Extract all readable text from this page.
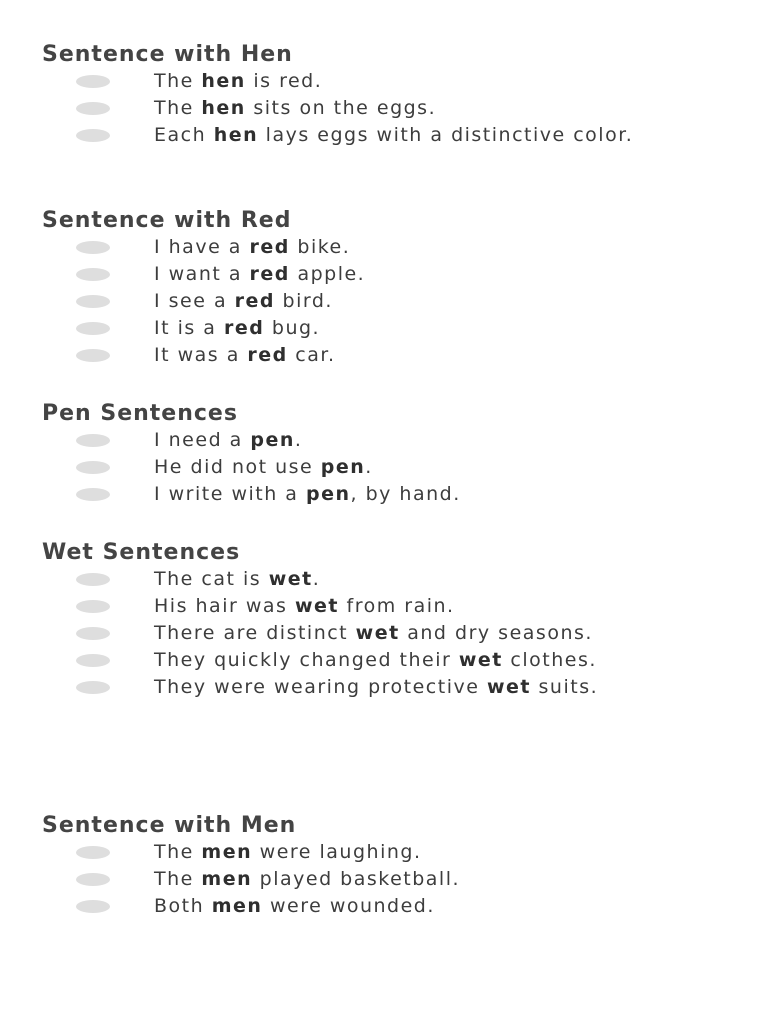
Sentence with Hen
The hen is red.
The hen sits on the eggs.
Each hen lays eggs with a distinctive color.
Sentence with Red
I have a red bike.
I want a red apple.
I see a red bird.
It is a red bug.
It was a red car.
Pen Sentences
I need a pen.
He did not use pen.
I write with a pen, by hand.
Wet Sentences
The cat is wet.
His hair was wet from rain.
There are distinct wet and dry seasons.
They quickly changed their wet clothes.
They were wearing protective wet suits.
Sentence with Men
The men were laughing.
The men played basketball.
Both men were wounded.
